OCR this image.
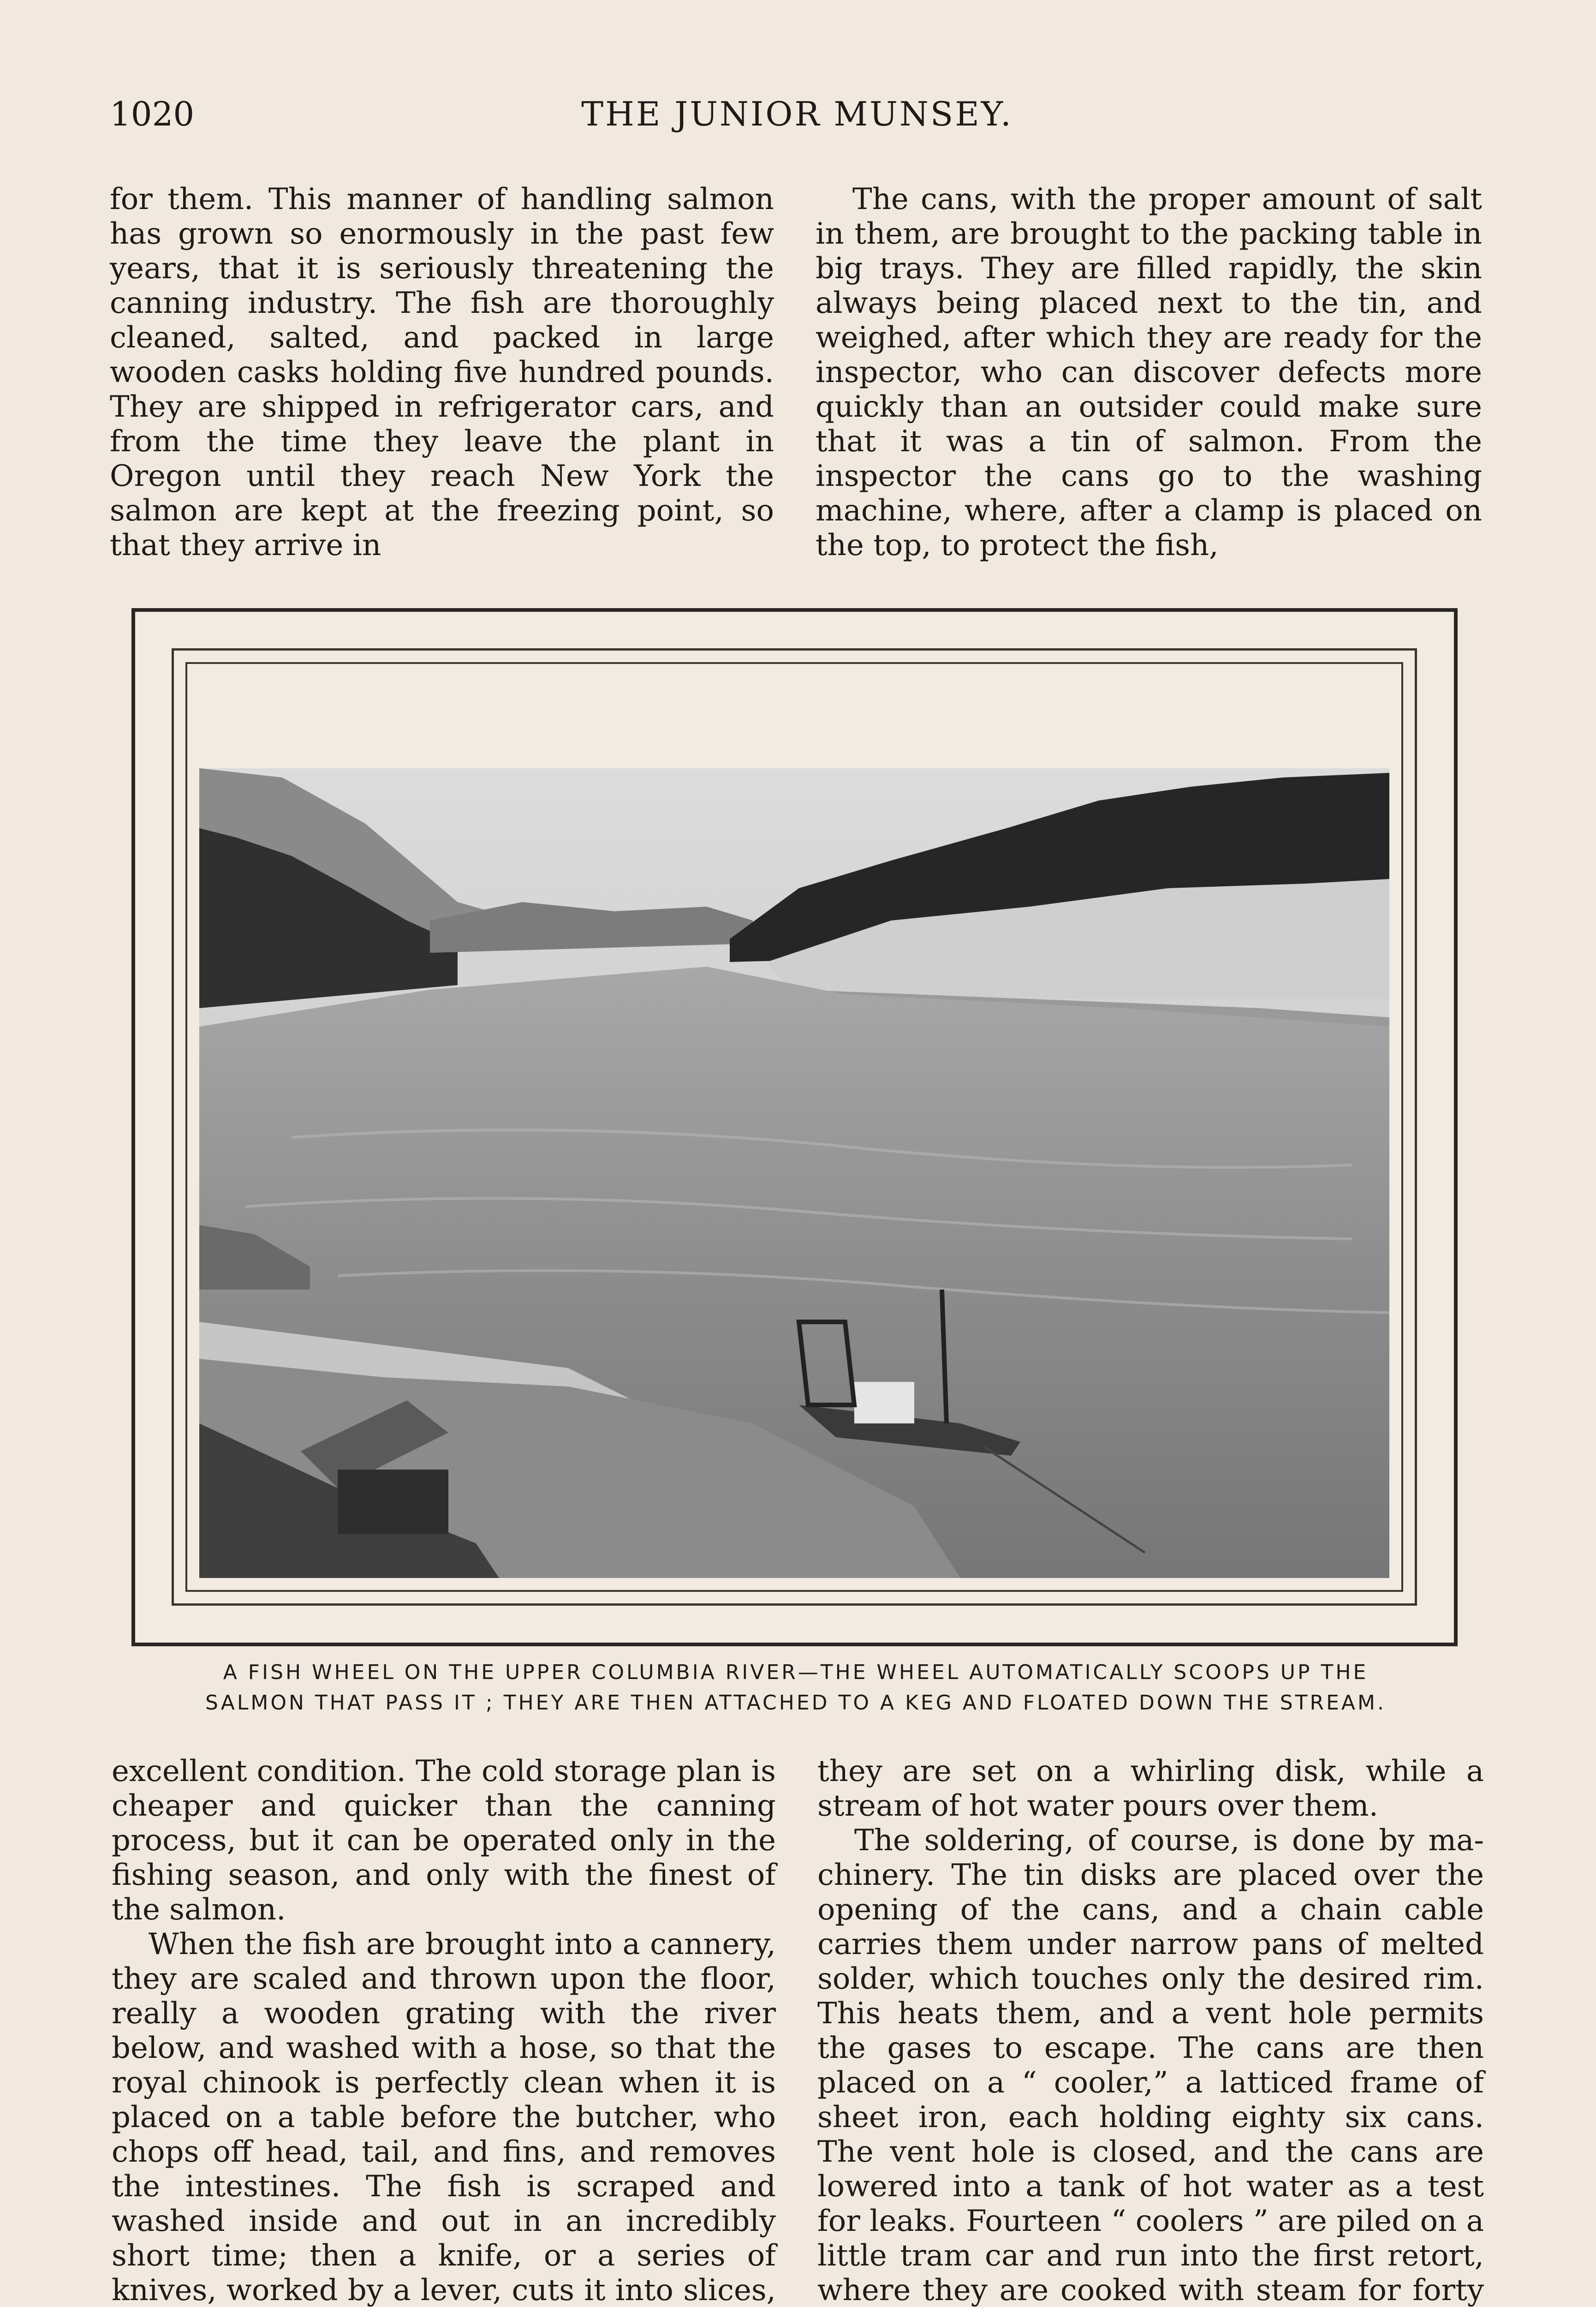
1020	THE JUNIOR MUNSEY.

for them. This manner of handling salmon has grown so enormously in the past few years, that it is seriously threatening the canning industry. The fish are thoroughly cleaned, salted, and packed in large wooden casks holding five hundred pounds. They are shipped in refrigerator cars, and from the time they leave the plant in Oregon until they reach New York the salmon are kept at the freezing point, so that they arrive in

The cans, with the proper amount of salt in them, are brought to the packing table in big trays. They are filled rapidly, the skin always being placed next to the tin, and weighed, after which they are ready for the inspector, who can discover defects more quickly than an outsider could make sure that it was a tin of salmon. From the inspector the cans go to the washing machine, where, after a clamp is placed on the top, to protect the fish,

A FISH WHEEL ON THE UPPER COLUMBIA RIVER—THE WHEEL AUTOMATICALLY SCOOPS UP THE
SALMON THAT PASS IT ; THEY ARE THEN ATTACHED TO A KEG AND FLOATED DOWN THE STREAM.

excellent condition. The cold storage plan is cheaper and quicker than the canning process, but it can be operated only in the fishing season, and only with the finest of the salmon.

When the fish are brought into a cannery, they are scaled and thrown upon the floor, really a wooden grating with the river below, and washed with a hose, so that the royal chinook is perfectly clean when it is placed on a table before the butcher, who chops off head, tail, and fins, and removes the intestines. The fish is scraped and washed inside and out in an incredibly short time; then a knife, or a series of knives, worked by a lever, cuts it into slices,

they are set on a whirling disk, while a stream of hot water pours over them.

The soldering, of course, is done by machinery. The tin disks are placed over the opening of the cans, and a chain cable carries them under narrow pans of melted solder, which touches only the desired rim. This heats them, and a vent hole permits the gases to escape. The cans are then placed on a “ cooler,” a latticed frame of sheet iron, each holding eighty six cans. The vent hole is closed, and the cans are lowered into a tank of hot water as a test for leaks. Fourteen “ coolers ” are piled on a little tram car and run into the first retort, where they are cooked with steam for forty
